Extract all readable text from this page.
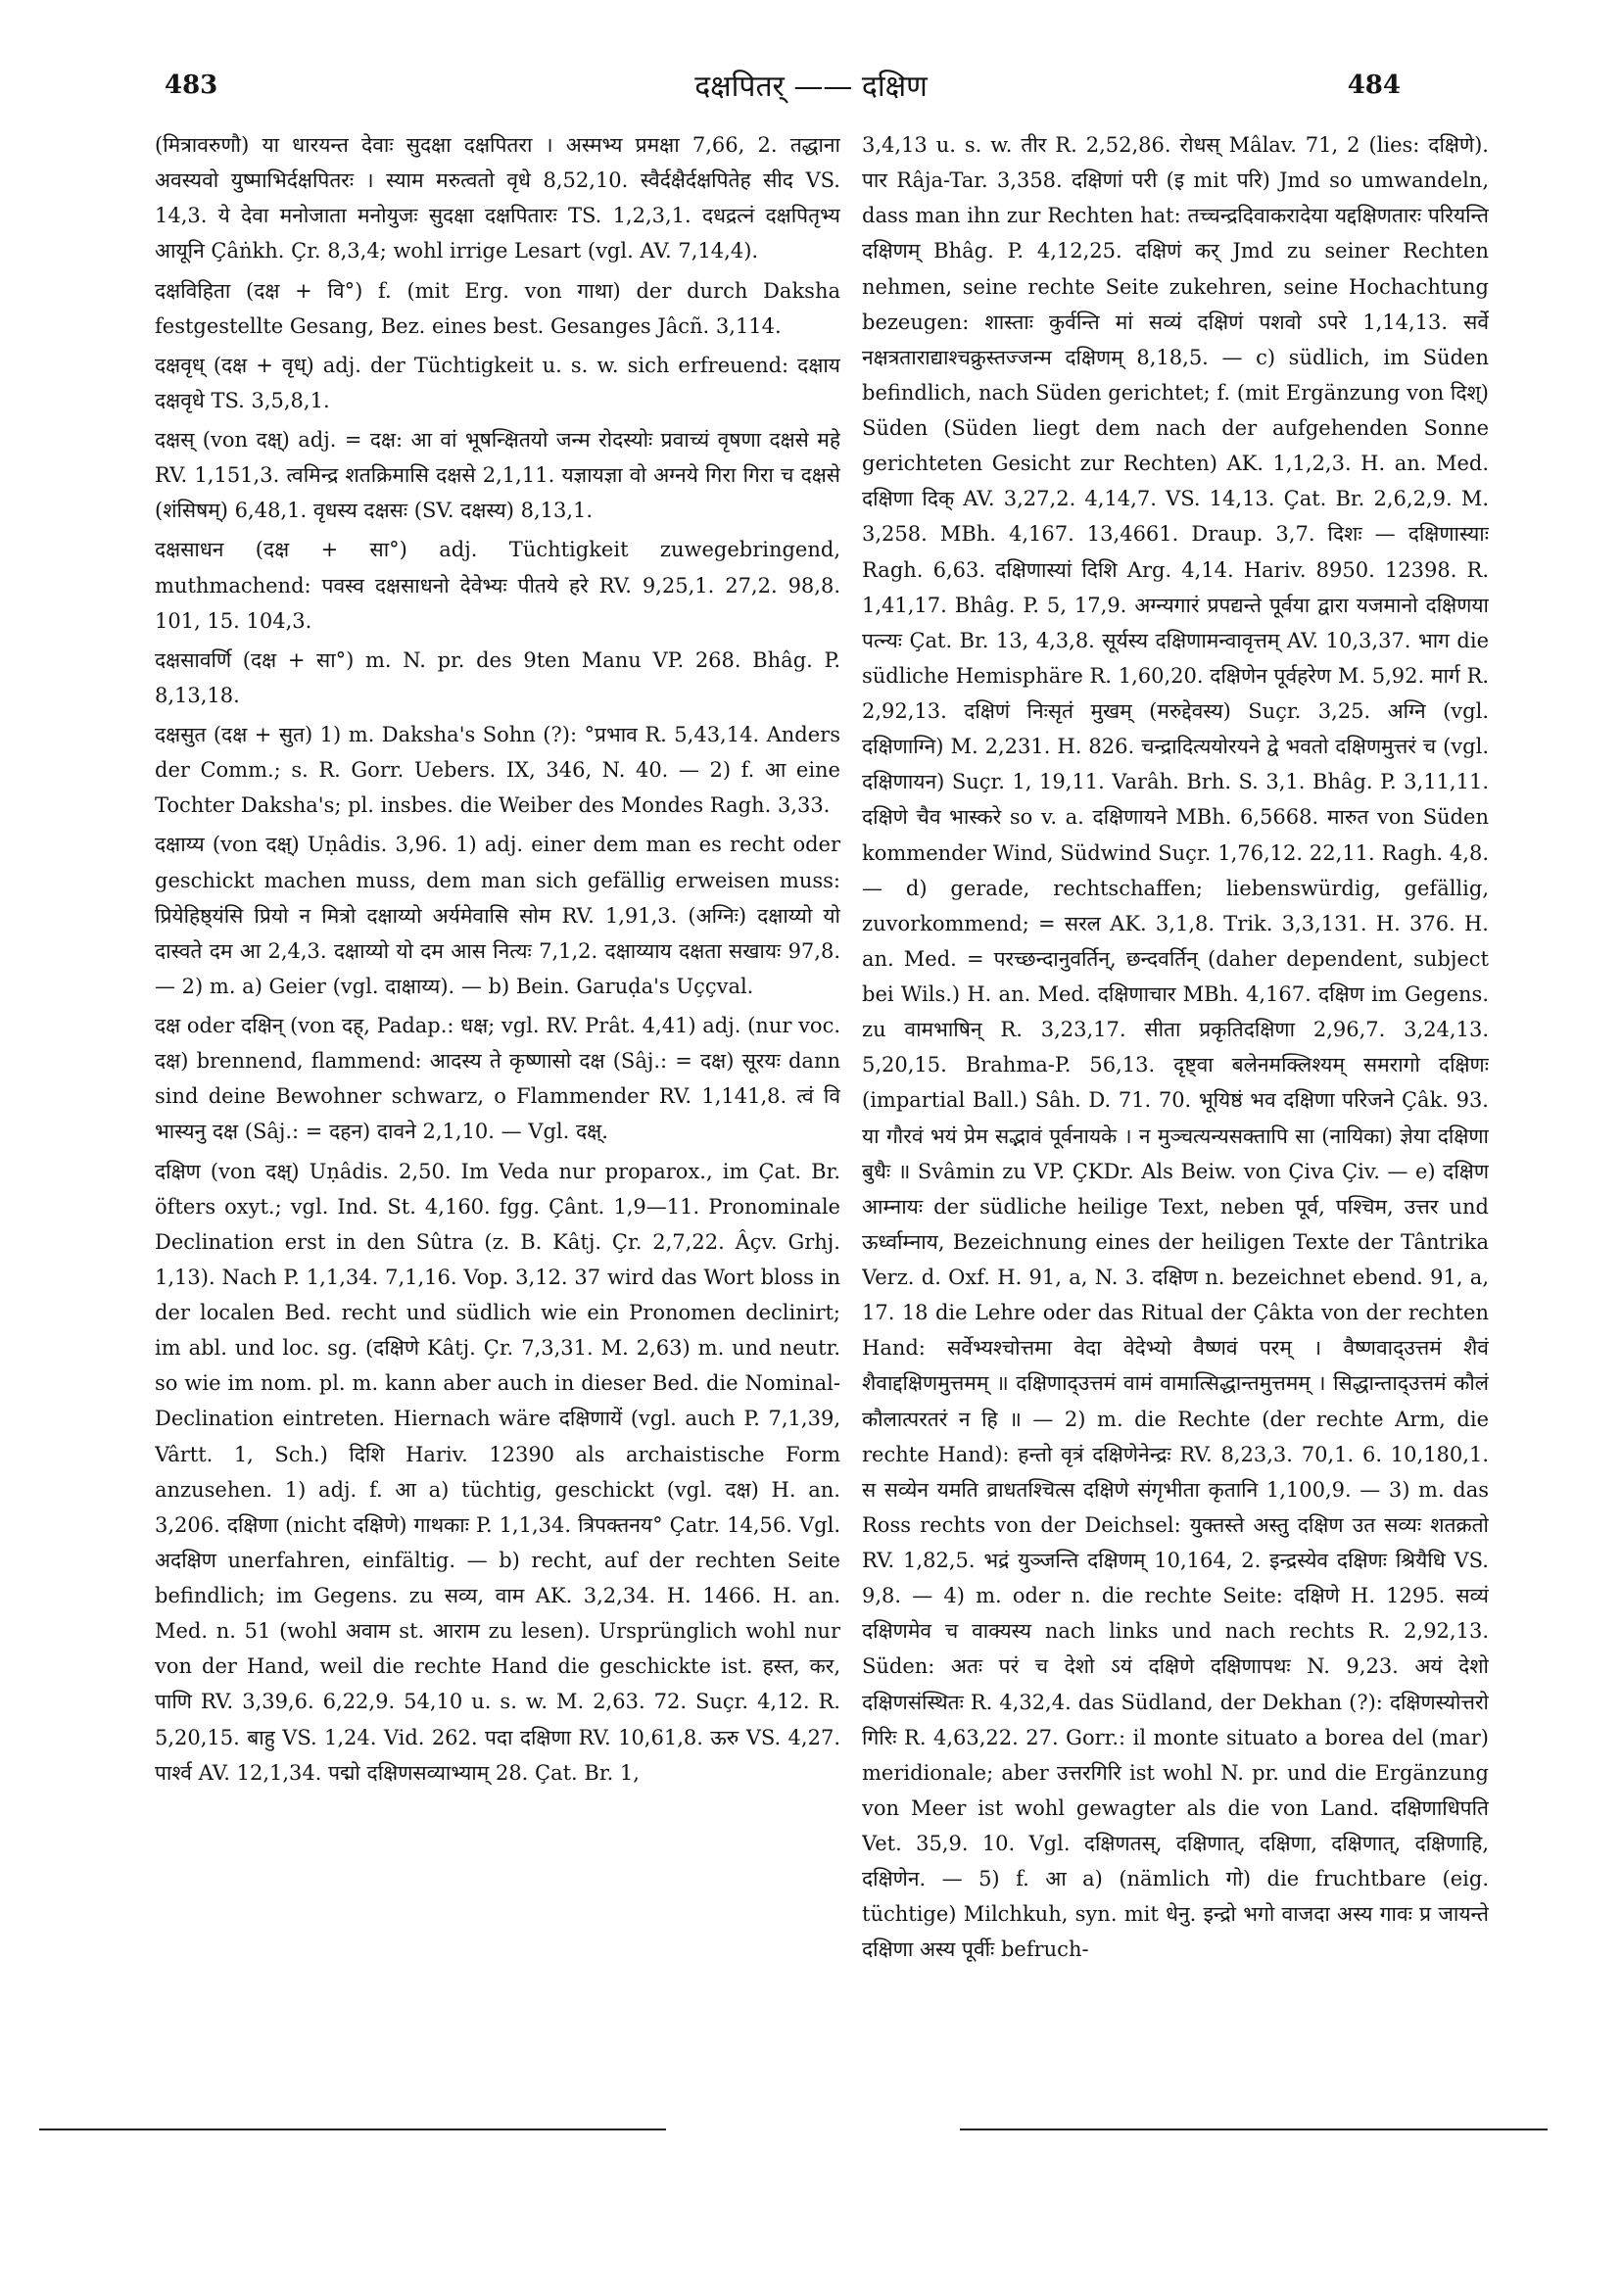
483	दक्षपितर् —— दक्षिण	484

(मित्रावरुणौ) या धारयन्त देवाः सुदक्षा दक्षपितरा । अस्मभ्य प्रमक्षा 7,66, 2. तद्धाना अवस्यवो युष्माभिर्दक्षपितरः । स्याम मरुत्वतो वृधे 8,52,10. स्वैर्दक्षैर्दक्षपितेह सीद VS. 14,3. ये देवा मनोजाता मनोयुजः सुदक्षा दक्षपितारः TS. 1,2,3,1. दधद्रत्नं दक्षपितृभ्य आयूनि Çâṅkh. Çr. 8,3,4; wohl irrige Lesart (vgl. AV. 7,14,4).

दक्षविहिता (दक्ष + वि°) f. (mit Erg. von गाथा) der durch Daksha festgestellte Gesang, Bez. eines best. Gesanges Jâcñ. 3,114.

दक्षवृध् (दक्ष + वृध्) adj. der Tüchtigkeit u. s. w. sich erfreuend: दक्षाय दक्षवृधे TS. 3,5,8,1.

दक्षस् (von दक्ष्) adj. = दक्ष: आ वां भूषन्क्षितयो जन्म रोदस्योः प्रवाच्यं वृषणा दक्षसे महे RV. 1,151,3. त्वमिन्द्र शतक्रिमासि दक्षसे 2,1,11. यज्ञायज्ञा वो अग्नये गिरा गिरा च दक्षसे (शंसिषम्) 6,48,1. वृधस्य दक्षसः (SV. दक्षस्य) 8,13,1.

दक्षसाधन (दक्ष + सा°) adj. Tüchtigkeit zuwegebringend, muthmachend: पवस्व दक्षसाधनो देवेभ्यः पीतये हरे RV. 9,25,1. 27,2. 98,8. 101, 15. 104,3.

दक्षसावर्णि (दक्ष + सा°) m. N. pr. des 9ten Manu VP. 268. Bhâg. P. 8,13,18.

दक्षसुत (दक्ष + सुत) 1) m. Daksha's Sohn (?): °प्रभाव R. 5,43,14. Anders der Comm.; s. R. Gorr. Uebers. IX, 346, N. 40. — 2) f. आ eine Tochter Daksha's; pl. insbes. die Weiber des Mondes Ragh. 3,33.

दक्षाय्य (von दक्ष्) Uṇâdis. 3,96. 1) adj. einer dem man es recht oder geschickt machen muss, dem man sich gefällig erweisen muss: प्रियेहिष्ठ्यंसि प्रियो न मित्रो दक्षाय्यो अर्यमेवासि सोम RV. 1,91,3. (अग्निः) दक्षाय्यो यो दास्वते दम आ 2,4,3. दक्षाय्यो यो दम आस नित्यः 7,1,2. दक्षाय्याय दक्षता सखायः 97,8. — 2) m. a) Geier (vgl. दाक्षाय्य). — b) Bein. Garuḍa's Uççval.

दक्ष oder दक्षिन् (von दह्, Padap.: धक्ष; vgl. RV. Prât. 4,41) adj. (nur voc. दक्ष) brennend, flammend: आदस्य ते कृष्णासो दक्ष (Sâj.: = दक्ष) सूरयः dann sind deine Bewohner schwarz, o Flammender RV. 1,141,8. त्वं वि भास्यनु दक्ष (Sâj.: = दहन) दावने 2,1,10. — Vgl. दक्ष्.

दक्षिण (von दक्ष्) Uṇâdis. 2,50. Im Veda nur proparox., im Çat. Br. öfters oxyt.; vgl. Ind. St. 4,160. fgg. Çânt. 1,9—11. Pronominale Declination erst in den Sûtra (z. B. Kâtj. Çr. 2,7,22. Âçv. Grhj. 1,13). Nach P. 1,1,34. 7,1,16. Vop. 3,12. 37 wird das Wort bloss in der localen Bed. recht und südlich wie ein Pronomen declinirt; im abl. und loc. sg. (दक्षिणे Kâtj. Çr. 7,3,31. M. 2,63) m. und neutr. so wie im nom. pl. m. kann aber auch in dieser Bed. die Nominal-Declination eintreten. Hiernach wäre दक्षिणायें (vgl. auch P. 7,1,39, Vârtt. 1, Sch.) दिशि Hariv. 12390 als archaistische Form anzusehen. 1) adj. f. आ a) tüchtig, geschickt (vgl. दक्ष) H. an. 3,206. दक्षिणा (nicht दक्षिणे) गाथकाः P. 1,1,34. त्रिपक्तनय° Çatr. 14,56. Vgl. अदक्षिण unerfahren, einfältig. — b) recht, auf der rechten Seite befindlich; im Gegens. zu सव्य, वाम AK. 3,2,34. H. 1466. H. an. Med. n. 51 (wohl अवाम st. आराम zu lesen). Ursprünglich wohl nur von der Hand, weil die rechte Hand die geschickte ist. हस्त, कर, पाणि RV. 3,39,6. 6,22,9. 54,10 u. s. w. M. 2,63. 72. Suçr. 4,12. R. 5,20,15. बाहु VS. 1,24. Vid. 262. पदा दक्षिणा RV. 10,61,8. ऊरु VS. 4,27. पार्श्व AV. 12,1,34. पद्मो दक्षिणसव्याभ्याम् 28. Çat. Br. 1,

3,4,13 u. s. w. तीर R. 2,52,86. रोधस् Mâlav. 71, 2 (lies: दक्षिणे). पार Râja-Tar. 3,358. दक्षिणां परी (इ mit परि) Jmd so umwandeln, dass man ihn zur Rechten hat: तच्चन्द्रदिवाकरादेया यद्दक्षिणतारः परियन्ति दक्षिणम् Bhâg. P. 4,12,25. दक्षिणं कर् Jmd zu seiner Rechten nehmen, seine rechte Seite zukehren, seine Hochachtung bezeugen: शास्ताः कुर्वन्ति मां सव्यं दक्षिणं पशवो ऽपरे 1,14,13. सर्वे नक्षत्रताराद्याश्चक्रुस्तज्जन्म दक्षिणम् 8,18,5. — c) südlich, im Süden befindlich, nach Süden gerichtet; f. (mit Ergänzung von दिश्) Süden (Süden liegt dem nach der aufgehenden Sonne gerichteten Gesicht zur Rechten) AK. 1,1,2,3. H. an. Med. दक्षिणा दिक् AV. 3,27,2. 4,14,7. VS. 14,13. Çat. Br. 2,6,2,9. M. 3,258. MBh. 4,167. 13,4661. Draup. 3,7. दिशः — दक्षिणास्याः Ragh. 6,63. दक्षिणास्यां दिशि Arg. 4,14. Hariv. 8950. 12398. R. 1,41,17. Bhâg. P. 5, 17,9. अग्न्यगारं प्रपद्यन्ते पूर्वया द्वारा यजमानो दक्षिणया पत्न्यः Çat. Br. 13, 4,3,8. सूर्यस्य दक्षिणामन्वावृत्तम् AV. 10,3,37. भाग die südliche Hemisphäre R. 1,60,20. दक्षिणेन पूर्वहरेण M. 5,92. मार्ग R. 2,92,13. दक्षिणं निःसृतं मुखम् (मरुद्देवस्य) Suçr. 3,25. अग्नि (vgl. दक्षिणाग्नि) M. 2,231. H. 826. चन्द्रादित्ययोरयने द्वे भवतो दक्षिणमुत्तरं च (vgl. दक्षिणायन) Suçr. 1, 19,11. Varâh. Brh. S. 3,1. Bhâg. P. 3,11,11. दक्षिणे चैव भास्करे so v. a. दक्षिणायने MBh. 6,5668. मारुत von Süden kommender Wind, Südwind Suçr. 1,76,12. 22,11. Ragh. 4,8. — d) gerade, rechtschaffen; liebenswürdig, gefällig, zuvorkommend; = सरल AK. 3,1,8. Trik. 3,3,131. H. 376. H. an. Med. = परच्छन्दानुवर्तिन्, छन्दवर्तिन् (daher dependent, subject bei Wils.) H. an. Med. दक्षिणाचार MBh. 4,167. दक्षिण im Gegens. zu वामभाषिन् R. 3,23,17. सीता प्रकृतिदक्षिणा 2,96,7. 3,24,13. 5,20,15. Brahma-P. 56,13. दृष्ट्वा बलेनमक्लिश्यम् समरागो दक्षिणः (impartial Ball.) Sâh. D. 71. 70. भूयिष्ठं भव दक्षिणा परिजने Çâk. 93. या गौरवं भयं प्रेम सद्भावं पूर्वनायके । न मुञ्चत्यन्यसक्तापि सा (नायिका) ज्ञेया दक्षिणा बुधैः ॥ Svâmin zu VP. ÇKDr. Als Beiw. von Çiva Çiv. — e) दक्षिण आम्नायः der südliche heilige Text, neben पूर्व, पश्चिम, उत्तर und ऊर्ध्वाम्नाय, Bezeichnung eines der heiligen Texte der Tântrika Verz. d. Oxf. H. 91, a, N. 3. दक्षिण n. bezeichnet ebend. 91, a, 17. 18 die Lehre oder das Ritual der Çâkta von der rechten Hand: सर्वेभ्यश्चोत्तमा वेदा वेदेभ्यो वैष्णवं परम् । वैष्णवाद्उत्तमं शैवं शैवाद्दक्षिणमुत्तमम् ॥ दक्षिणाद्उत्तमं वामं वामात्सिद्धान्तमुत्तमम् । सिद्धान्ताद्उत्तमं कौलं कौलात्परतरं न हि ॥ — 2) m. die Rechte (der rechte Arm, die rechte Hand): हन्तो वृत्रं दक्षिणेनेन्द्रः RV. 8,23,3. 70,1. 6. 10,180,1. स सव्येन यमति व्राधतश्चित्स दक्षिणे संगृभीता कृतानि 1,100,9. — 3) m. das Ross rechts von der Deichsel: युक्तस्ते अस्तु दक्षिण उत सव्यः शतक्रतो RV. 1,82,5. भद्रं युञ्जन्ति दक्षिणम् 10,164, 2. इन्द्रस्येव दक्षिणः श्रियैधि VS. 9,8. — 4) m. oder n. die rechte Seite: दक्षिणे H. 1295. सव्यं दक्षिणमेव च वाक्यस्य nach links und nach rechts R. 2,92,13. Süden: अतः परं च देशो ऽयं दक्षिणे दक्षिणापथः N. 9,23. अयं देशो दक्षिणसंस्थितः R. 4,32,4. das Südland, der Dekhan (?): दक्षिणस्योत्तरो गिरिः R. 4,63,22. 27. Gorr.: il monte situato a borea del (mar) meridionale; aber उत्तरगिरि ist wohl N. pr. und die Ergänzung von Meer ist wohl gewagter als die von Land. दक्षिणाधिपति Vet. 35,9. 10. Vgl. दक्षिणतस्, दक्षिणात्, दक्षिणा, दक्षिणात्, दक्षिणाहि, दक्षिणेन. — 5) f. आ a) (nämlich गो) die fruchtbare (eig. tüchtige) Milchkuh, syn. mit धेनु. इन्द्रो भगो वाजदा अस्य गावः प्र जायन्ते दक्षिणा अस्य पूर्वीः befruch-
